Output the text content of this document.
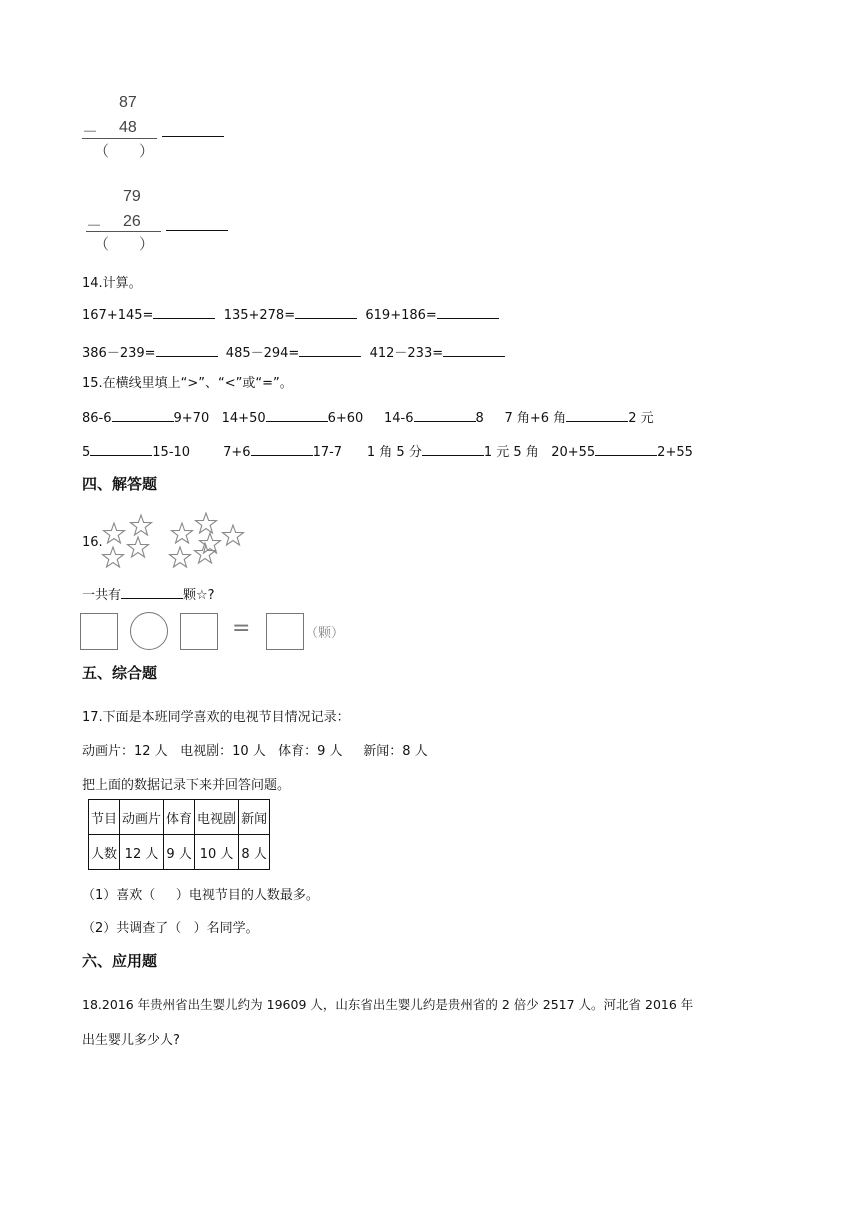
87
－ 48
（　　）
79
－ 26
（　　）
14.计算。
167+145=	135+278=	619+186=
386－239=	485－294=	412－233=
15.在横线里填上“>”、“<”或“=”。
86-6	9+70 14+50	6+60 14-6	8 7 角+6 角	2 元
5	15-10	7+6	17-7 1 角 5 分	1 元 5 角 20+55	2+55
四、解答题
16.
一共有	颗☆?
=	（颗）
五、综合题
17.下面是本班同学喜欢的电视节目情况记录：
动画片：12 人   电视剧：10 人   体育：9 人     新闻：8 人
把上面的数据记录下来并回答问题。
节目	动画片	体育	电视剧	新闻
人数	12 人	9 人	10 人	8 人
（1）喜欢（     ）电视节目的人数最多。
（2）共调查了（   ）名同学。
六、应用题
18.2016 年贵州省出生婴儿约为 19609 人，山东省出生婴儿约是贵州省的 2 倍少 2517 人。河北省 2016 年
出生婴儿多少人?
